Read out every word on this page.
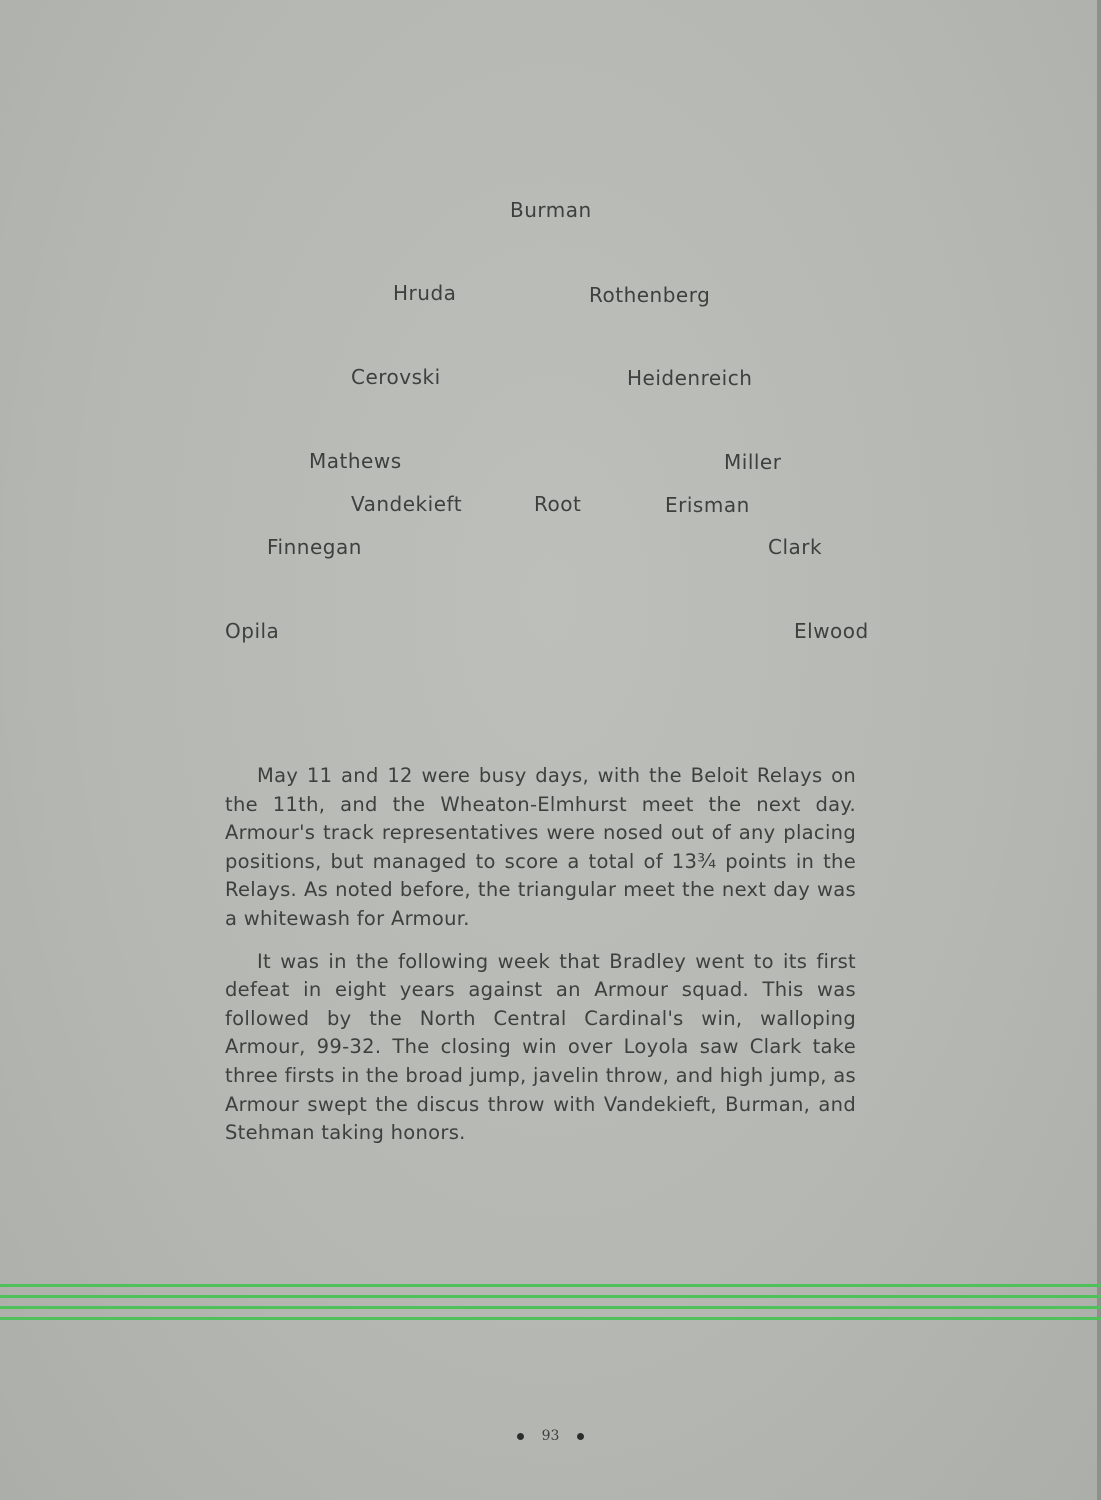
Burman
Hruda	Rothenberg
Cerovski	Heidenreich
Mathews	Miller
Vandekieft	Root	Erisman
Finnegan	Clark
Opila	Elwood

May 11 and 12 were busy days, with the Beloit Relays on the 11th, and the Wheaton-Elmhurst meet the next day. Armour's track representatives were nosed out of any placing positions, but managed to score a total of 13¾ points in the Relays. As noted before, the triangular meet the next day was a whitewash for Armour.

It was in the following week that Bradley went to its first defeat in eight years against an Armour squad. This was followed by the North Central Cardinal's win, walloping Armour, 99-32. The closing win over Loyola saw Clark take three firsts in the broad jump, javelin throw, and high jump, as Armour swept the discus throw with Vandekieft, Burman, and Stehman taking honors.

93
